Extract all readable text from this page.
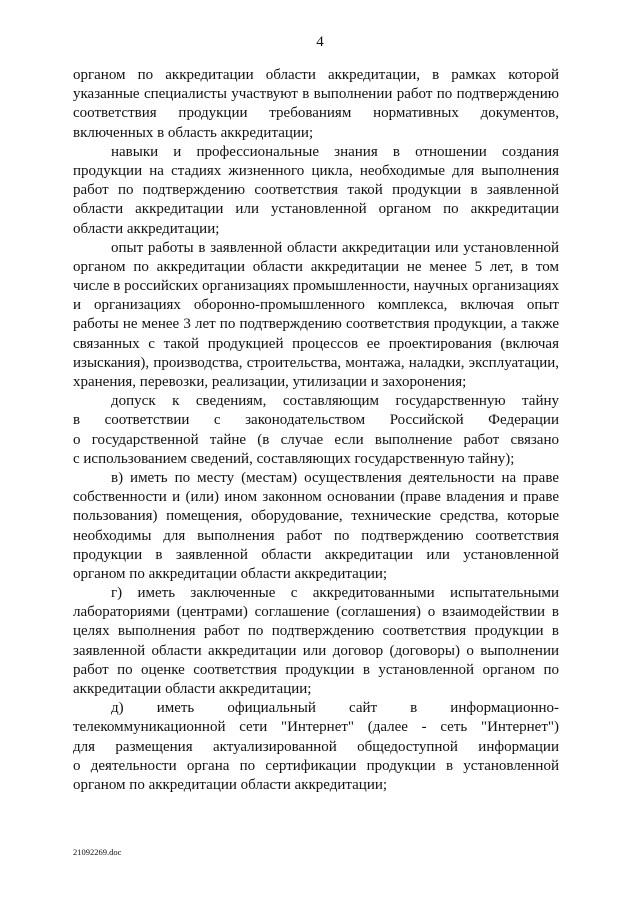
4
органом по аккредитации области аккредитации, в рамках которой
указанные специалисты участвуют в выполнении работ по подтверждению
соответствия продукции требованиям нормативных документов,
включенных в область аккредитации;
навыки и профессиональные знания в отношении создания
продукции на стадиях жизненного цикла, необходимые для выполнения
работ по подтверждению соответствия такой продукции в заявленной
области аккредитации или установленной органом по аккредитации
области аккредитации;
опыт работы в заявленной области аккредитации или установленной
органом по аккредитации области аккредитации не менее 5 лет, в том
числе в российских организациях промышленности, научных организациях
и организациях оборонно-промышленного комплекса, включая опыт
работы не менее 3 лет по подтверждению соответствия продукции, а также
связанных с такой продукцией процессов ее проектирования (включая
изыскания), производства, строительства, монтажа, наладки, эксплуатации,
хранения, перевозки, реализации, утилизации и захоронения;
допуск к сведениям, составляющим государственную тайну
в соответствии с законодательством Российской Федерации
о государственной тайне (в случае если выполнение работ связано
с использованием сведений, составляющих государственную тайну);
в) иметь по месту (местам) осуществления деятельности на праве
собственности и (или) ином законном основании (праве владения и праве
пользования) помещения, оборудование, технические средства, которые
необходимы для выполнения работ по подтверждению соответствия
продукции в заявленной области аккредитации или установленной
органом по аккредитации области аккредитации;
г) иметь заключенные с аккредитованными испытательными
лабораториями (центрами) соглашение (соглашения) о взаимодействии в
целях выполнения работ по подтверждению соответствия продукции в
заявленной области аккредитации или договор (договоры) о выполнении
работ по оценке соответствия продукции в установленной органом по
аккредитации области аккредитации;
д) иметь официальный сайт в информационно-
телекоммуникационной сети "Интернет" (далее - сеть "Интернет")
для размещения актуализированной общедоступной информации
о деятельности органа по сертификации продукции в установленной
органом по аккредитации области аккредитации;
21092269.doc
